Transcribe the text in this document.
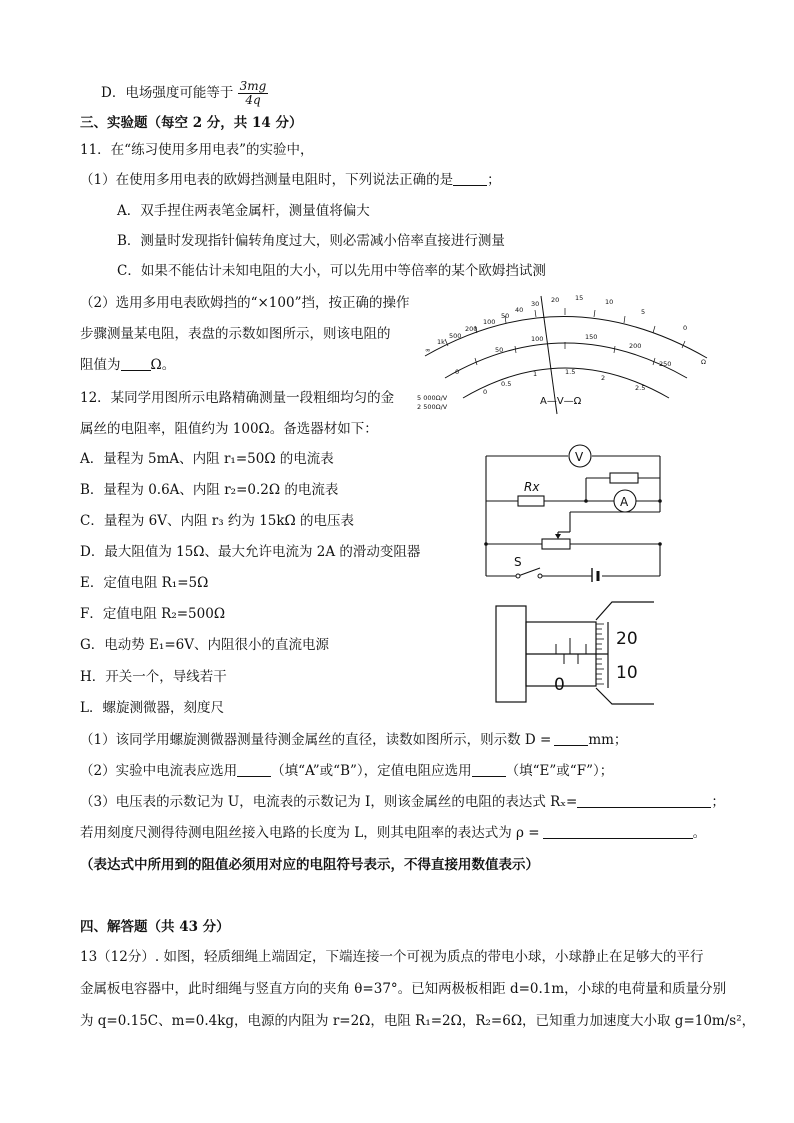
D．电场强度可能等于 $\frac{3mg}{4q}$
三、实验题（每空 2 分，共 14 分）
11．在“练习使用多用电表”的实验中，
（1）在使用多用电表的欧姆挡测量电阻时，下列说法正确的是	；
A．双手捏住两表笔金属杆，测量值将偏大
B．测量时发现指针偏转角度过大，则必需减小倍率直接进行测量
C．如果不能估计未知电阻的大小，可以先用中等倍率的某个欧姆挡试测
（2）选用多用电表欧姆挡的“×100”挡，按正确的操作
步骤测量某电阻，表盘的示数如图所示，则该电阻的
阻值为 Ω。
∞
1k
500
200
100
50
40
30 20 15	10
5
0
Ω
0
50
100	150
200
250
0
0.5
1	1.5
2
2.5
5 000Ω/V
2 500Ω/V	A—V—Ω
12．某同学用图所示电路精确测量一段粗细均匀的金
属丝的电阻率，阻值约为 100Ω。备选器材如下：
A．量程为 5mA、内阻 r₁=50Ω 的电流表
B．量程为 0.6A、内阻 r₂=0.2Ω 的电流表
C．量程为 6V、内阻 r₃ 约为 15kΩ 的电压表
D．最大阻值为 15Ω、最大允许电流为 2A 的滑动变阻器
E．定值电阻 R₁=5Ω
F．定值电阻 R₂=500Ω
G．电动势 E₁=6V、内阻很小的直流电源
H．开关一个，导线若干
L．螺旋测微器，刻度尺
V
A
Rx
S
20
10
0
（1）该同学用螺旋测微器测量待测金属丝的直径，读数如图所示，则示数 D =	mm；
（2）实验中电流表应选用	（填“A”或“B”），定值电阻应选用	（填“E”或“F”）；
（3）电压表的示数记为 U，电流表的示数记为 I，则该金属丝的电阻的表达式 Rₓ=	；
若用刻度尺测得待测电阻丝接入电路的长度为 L，则其电阻率的表达式为 ρ =	。
（表达式中所用到的阻值必须用对应的电阻符号表示，不得直接用数值表示）
四、解答题（共 43 分）
13（12分）. 如图，轻质细绳上端固定，下端连接一个可视为质点的带电小球，小球静止在足够大的平行
金属板电容器中，此时细绳与竖直方向的夹角 θ=37°。已知两极板相距 d=0.1m，小球的电荷量和质量分别
为 q=0.15C、m=0.4kg，电源的内阻为 r=2Ω，电阻 R₁=2Ω，R₂=6Ω，已知重力加速度大小取 g=10m/s²，
